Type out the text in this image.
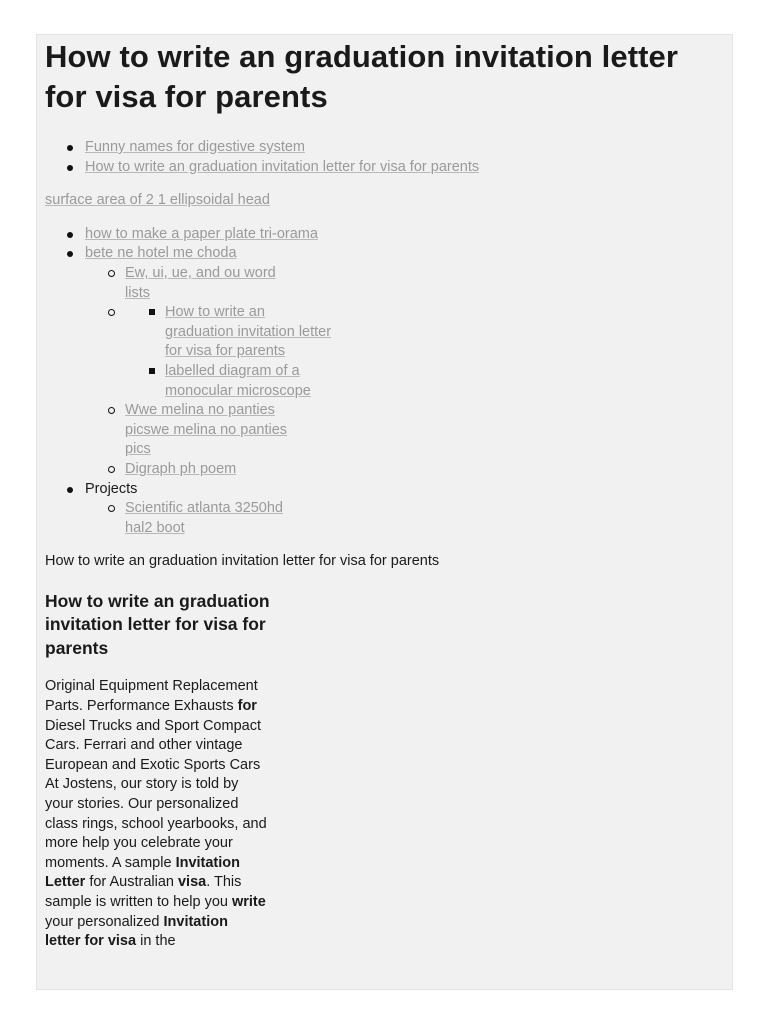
How to write an graduation invitation letter for visa for parents
Funny names for digestive system
How to write an graduation invitation letter for visa for parents
surface area of 2 1 ellipsoidal head
how to make a paper plate tri-orama
bete ne hotel me choda
Ew, ui, ue, and ou word lists
How to write an graduation invitation letter for visa for parents
labelled diagram of a monocular microscope
Wwe melina no panties picswe melina no panties pics
Digraph ph poem
Projects
Scientific atlanta 3250hd hal2 boot

How to write an graduation invitation letter for visa for parents

How to write an graduation invitation letter for visa for parents

Original Equipment Replacement Parts. Performance Exhausts for Diesel Trucks and Sport Compact Cars. Ferrari and other vintage European and Exotic Sports Cars At Jostens, our story is told by your stories. Our personalized class rings, school yearbooks, and more help you celebrate your moments. A sample Invitation Letter for Australian visa. This sample is written to help you write your personalized Invitation letter for visa in the
